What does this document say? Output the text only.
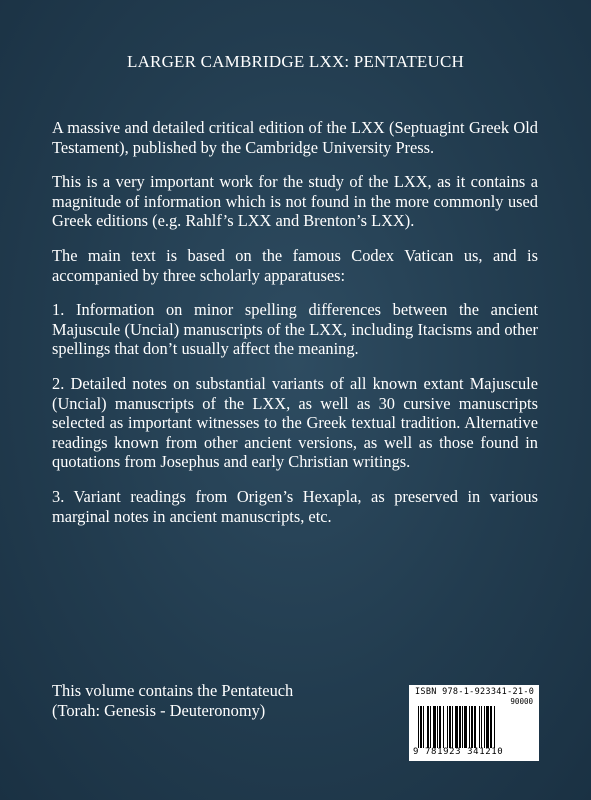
LARGER CAMBRIDGE LXX: PENTATEUCH

A massive and detailed critical edition of the LXX (Septuagint Greek Old Testament), published by the Cambridge University Press.

This is a very important work for the study of the LXX, as it contains a magnitude of information which is not found in the more commonly used Greek editions (e.g. Rahlf’s LXX and Brenton’s LXX).

The main text is based on the famous Codex Vatican us, and is accompanied by three scholarly apparatuses:

1. Information on minor spelling differences between the ancient Majuscule (Uncial) manuscripts of the LXX, including Itacisms and other spellings that don’t usually affect the meaning.

2. Detailed notes on substantial variants of all known extant Majuscule (Uncial) manuscripts of the LXX, as well as 30 cursive manuscripts selected as important witnesses to the Greek textual tradition. Alternative readings known from other ancient versions, as well as those found in quotations from Josephus and early Christian writings.

3. Variant readings from Origen’s Hexapla, as preserved in various marginal notes in ancient manuscripts, etc.

This volume contains the Pentateuch
(Torah: Genesis - Deuteronomy)
ISBN 978-1-923341-21-0
90000
9 781923 341210
